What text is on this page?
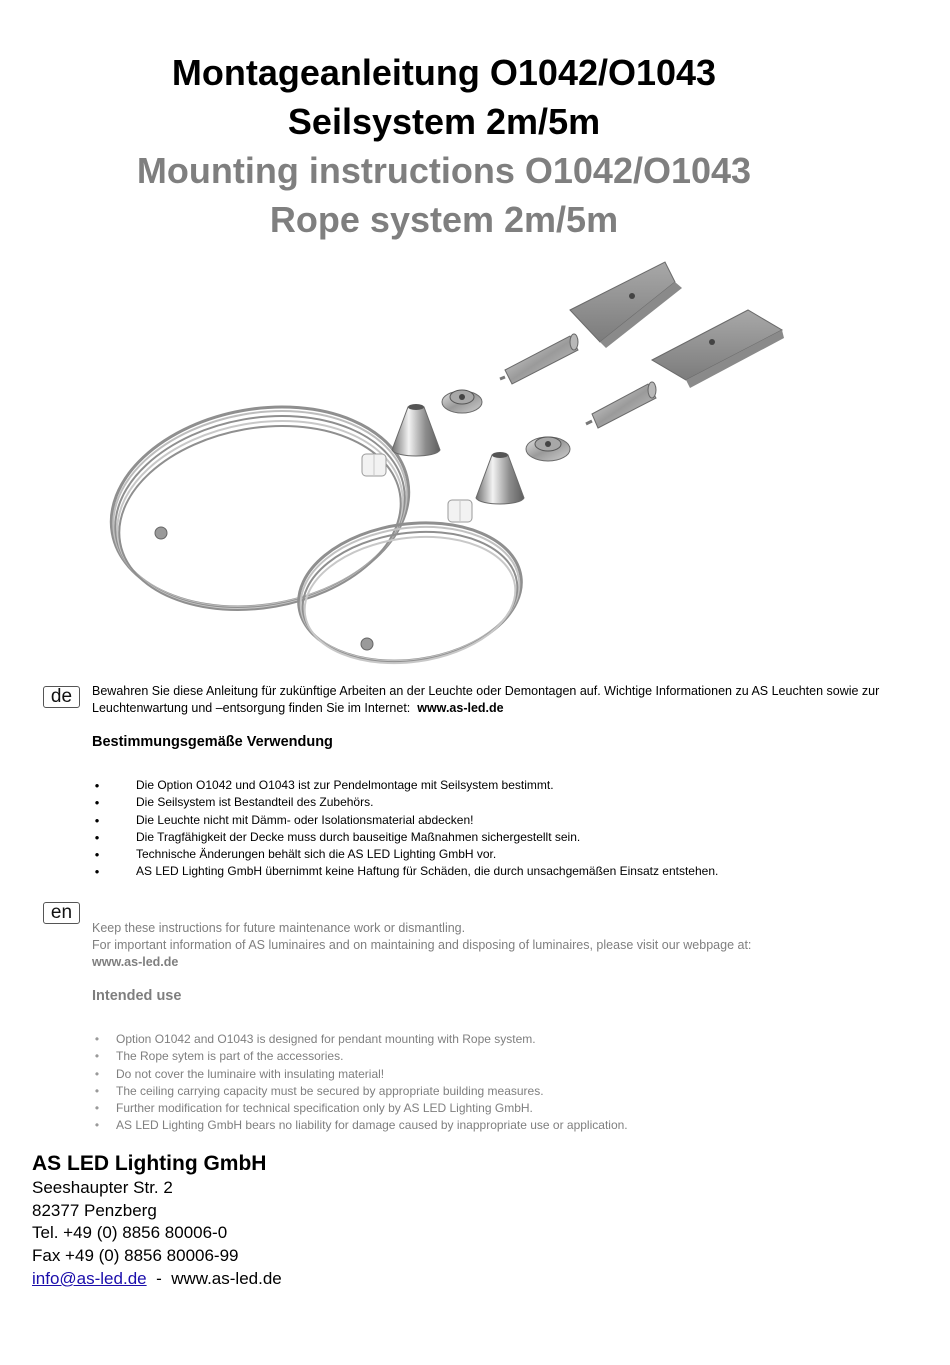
Montageanleitung O1042/O1043
Seilsystem 2m/5m
Mounting instructions O1042/O1043
Rope system 2m/5m
de	Bewahren Sie diese Anleitung für zukünftige Arbeiten an der Leuchte oder Demontagen auf. Wichtige Informationen zu AS Leuchten sowie zur
Leuchtenwartung und –entsorgung finden Sie im Internet: www.as-led.de
Bestimmungsgemäße Verwendung
•	Die Option O1042 und O1043 ist zur Pendelmontage mit Seilsystem bestimmt.
•	Die Seilsystem ist Bestandteil des Zubehörs.
•	Die Leuchte nicht mit Dämm- oder Isolationsmaterial abdecken!
•	Die Tragfähigkeit der Decke muss durch bauseitige Maßnahmen sichergestellt sein.
•	Technische Änderungen behält sich die AS LED Lighting GmbH vor.
•	AS LED Lighting GmbH übernimmt keine Haftung für Schäden, die durch unsachgemäßen Einsatz entstehen.
en
Keep these instructions for future maintenance work or dismantling.
For important information of AS luminaires and on maintaining and disposing of luminaires, please visit our webpage at:
www.as-led.de
Intended use
• Option O1042 and O1043 is designed for pendant mounting with Rope system.
• The Rope sytem is part of the accessories.
• Do not cover the luminaire with insulating material!
• The ceiling carrying capacity must be secured by appropriate building measures.
• Further modification for technical specification only by AS LED Lighting GmbH.
• AS LED Lighting GmbH bears no liability for damage caused by inappropriate use or application.
AS LED Lighting GmbH
Seeshaupter Str. 2
82377 Penzberg
Tel. +49 (0) 8856 80006-0
Fax +49 (0) 8856 80006-99
info@as-led.de - www.as-led.de
